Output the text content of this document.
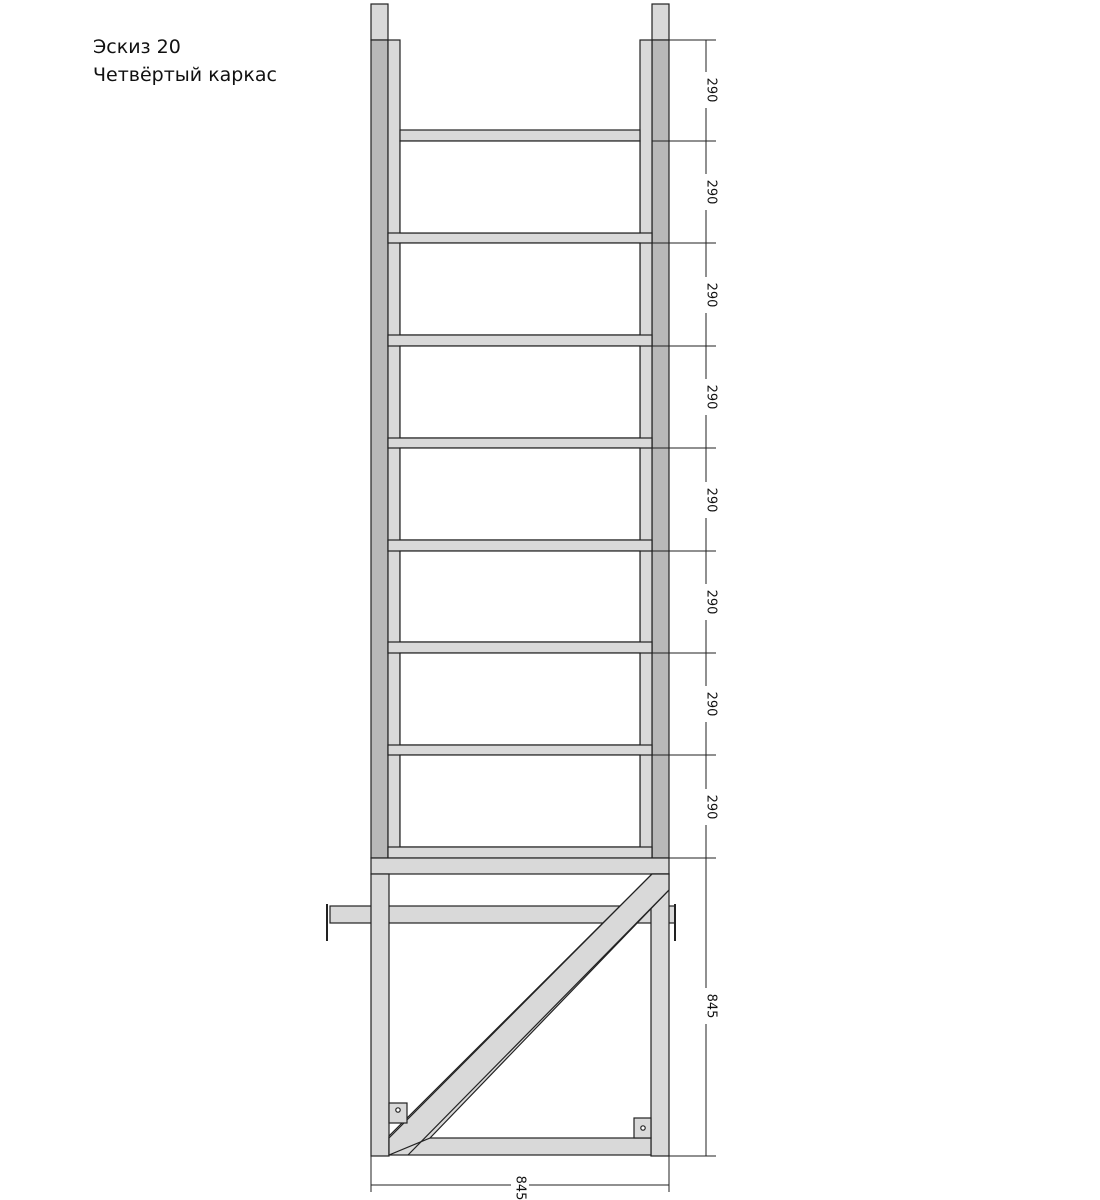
Эскиз 20
Четвёртый каркас
290
290
290
290
290
290
290
290
845
845
